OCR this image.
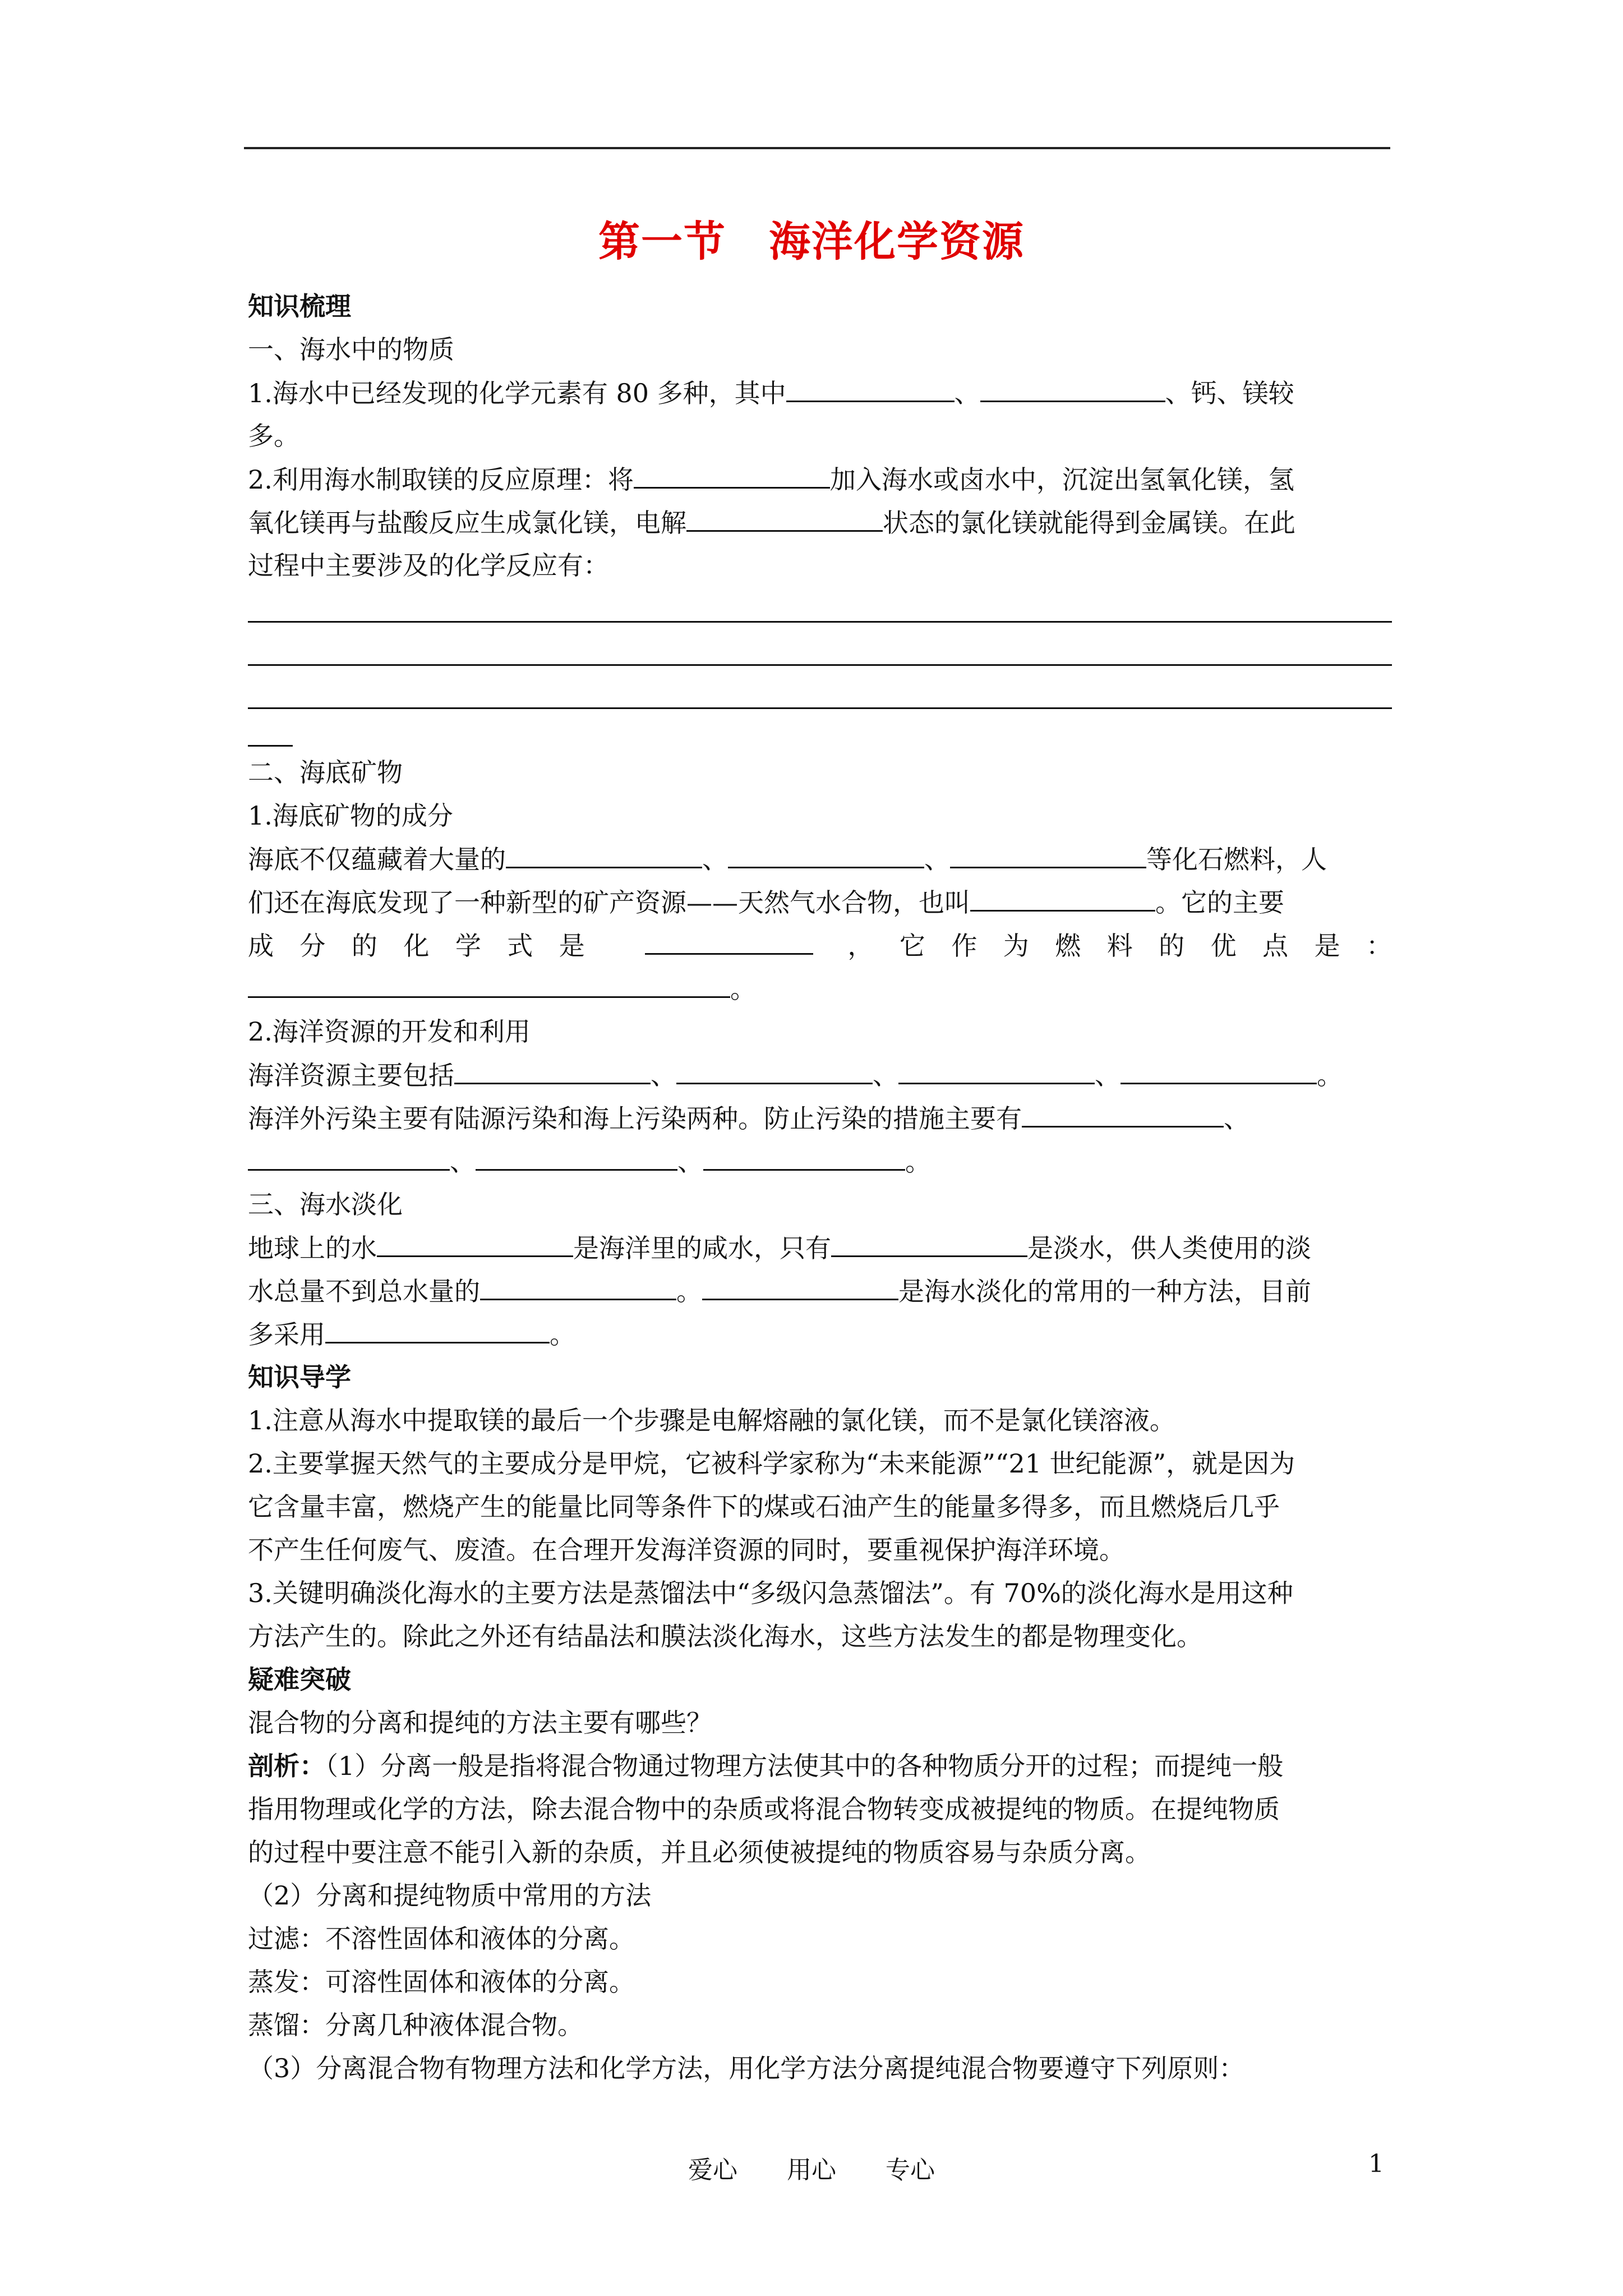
第一节　海洋化学资源
知识梳理
一、海水中的物质
1.海水中已经发现的化学元素有 80 多种，其中	、	、钙、镁较
多。
2.利用海水制取镁的反应原理：将	加入海水或卤水中，沉淀出氢氧化镁，氢
氧化镁再与盐酸反应生成氯化镁，电解	状态的氯化镁就能得到金属镁。在此
过程中主要涉及的化学反应有：
二、海底矿物
1.海底矿物的成分
海底不仅蕴藏着大量的	、	、	等化石燃料，人
们还在海底发现了一种新型的矿产资源——天然气水合物，也叫	。它的主要
成分的化学式是	，它作为燃料的优点是：
。
2.海洋资源的开发和利用
海洋资源主要包括	、	、	、	。
海洋外污染主要有陆源污染和海上污染两种。防止污染的措施主要有	、
、	、	。
三、海水淡化
地球上的水	是海洋里的咸水，只有	是淡水，供人类使用的淡
水总量不到总水量的	。	是海水淡化的常用的一种方法，目前
多采用	。
知识导学
1.注意从海水中提取镁的最后一个步骤是电解熔融的氯化镁，而不是氯化镁溶液。
2.主要掌握天然气的主要成分是甲烷，它被科学家称为“未来能源”“21 世纪能源”，就是因为
它含量丰富，燃烧产生的能量比同等条件下的煤或石油产生的能量多得多，而且燃烧后几乎
不产生任何废气、废渣。在合理开发海洋资源的同时，要重视保护海洋环境。
3.关键明确淡化海水的主要方法是蒸馏法中“多级闪急蒸馏法”。有 70%的淡化海水是用这种
方法产生的。除此之外还有结晶法和膜法淡化海水，这些方法发生的都是物理变化。
疑难突破
混合物的分离和提纯的方法主要有哪些？
剖析：（1）分离一般是指将混合物通过物理方法使其中的各种物质分开的过程；而提纯一般
指用物理或化学的方法，除去混合物中的杂质或将混合物转变成被提纯的物质。在提纯物质
的过程中要注意不能引入新的杂质，并且必须使被提纯的物质容易与杂质分离。
（2）分离和提纯物质中常用的方法
过滤：不溶性固体和液体的分离。
蒸发：可溶性固体和液体的分离。
蒸馏：分离几种液体混合物。
（3）分离混合物有物理方法和化学方法，用化学方法分离提纯混合物要遵守下列原则：
爱心　　用心　　专心	1
